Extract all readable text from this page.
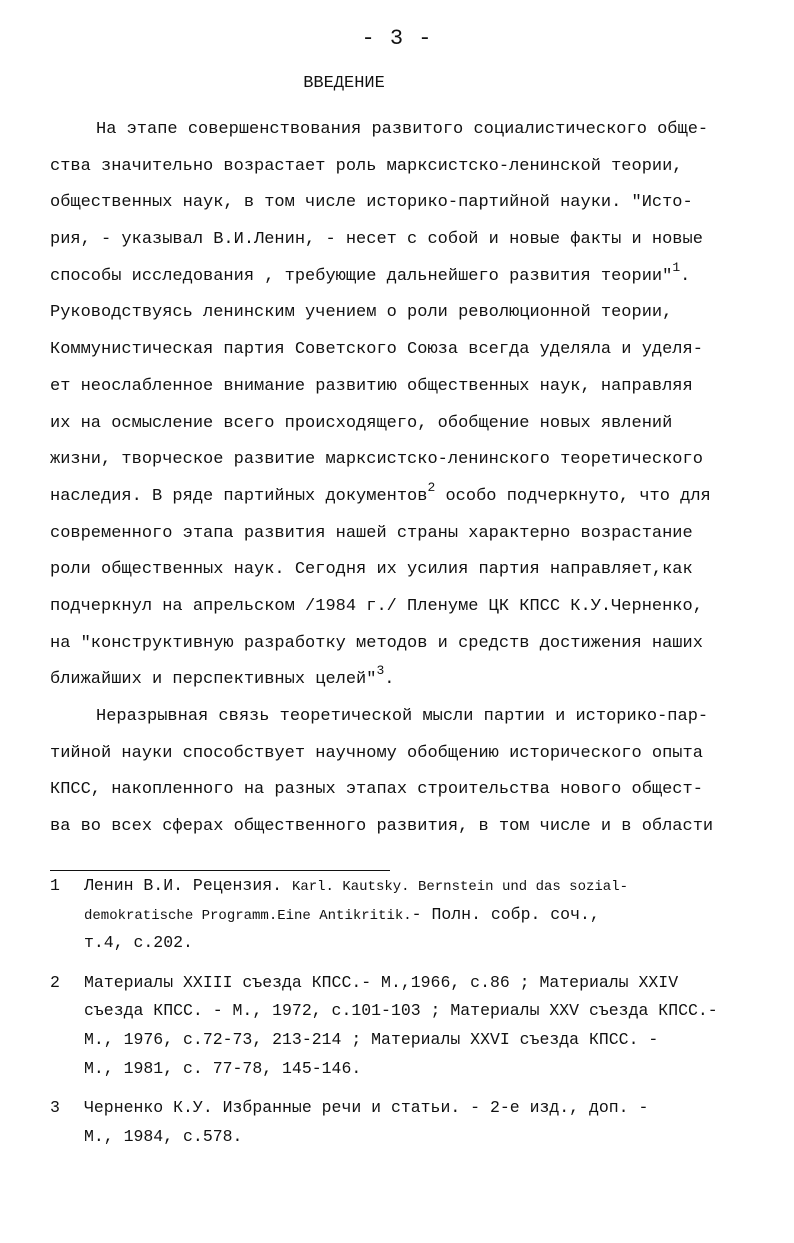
- 3 -
ВВЕДЕНИЕ
На этапе совершенствования развитого социалистического общe-
ства значительно возрастает роль марксистско-ленинской теории,
общественных наук, в том числе историко-партийной науки. "Исто-
рия, - указывал В.И.Ленин, - несет с собой и новые факты и новые
способы исследования , требующие дальнейшего развития теории"$^1$.
Руководствуясь ленинским учением о роли революционной теории,
Коммунистическая партия Советского Союза всегда уделяла и уделя-
ет неослабленное внимание развитию общественных наук, направляя
их на осмысление всего происходящего, обобщение новых явлений
жизни, творческое развитие марксистско-ленинского теоретического
наследия. В ряде партийных документов$^2$ особо подчеркнуто, что для
современного этапа развития нашей страны характерно возрастание
роли общественных наук. Сегодня их усилия партия направляет,как
подчеркнул на апрельском /1984 г./ Пленуме ЦК КПСС К.У.Черненко,
на "конструктивную разработку методов и средств достижения наших
ближайших и перспективных целей"$^3$.
Неразрывная связь теоретической мысли партии и историко-пар-
тийной науки способствует научному обобщению исторического опыта
КПСС, накопленного на разных этапах строительства нового общест-
ва во всех сферах общественного развития, в том числе и в области
1 Ленин В.И. Рецензия. Karl. Kautsky. Bernstein und das sozial-
demokratische Programm.Eine Antikritik.- Полн. собр. соч.,
т.4, с.202.
2 Материалы XXIII съезда КПСС.- М.,1966, с.86 ; Материалы XXIV
съезда КПСС. - М., 1972, с.101-103 ; Материалы XXV съезда КПСС.-
М., 1976, с.72-73, 213-214 ; Материалы XXVI съезда КПСС. -
М., 1981, с. 77-78, 145-146.
3 Черненко К.У. Избранные речи и статьи. - 2-е изд., доп. -
М., 1984, с.578.
